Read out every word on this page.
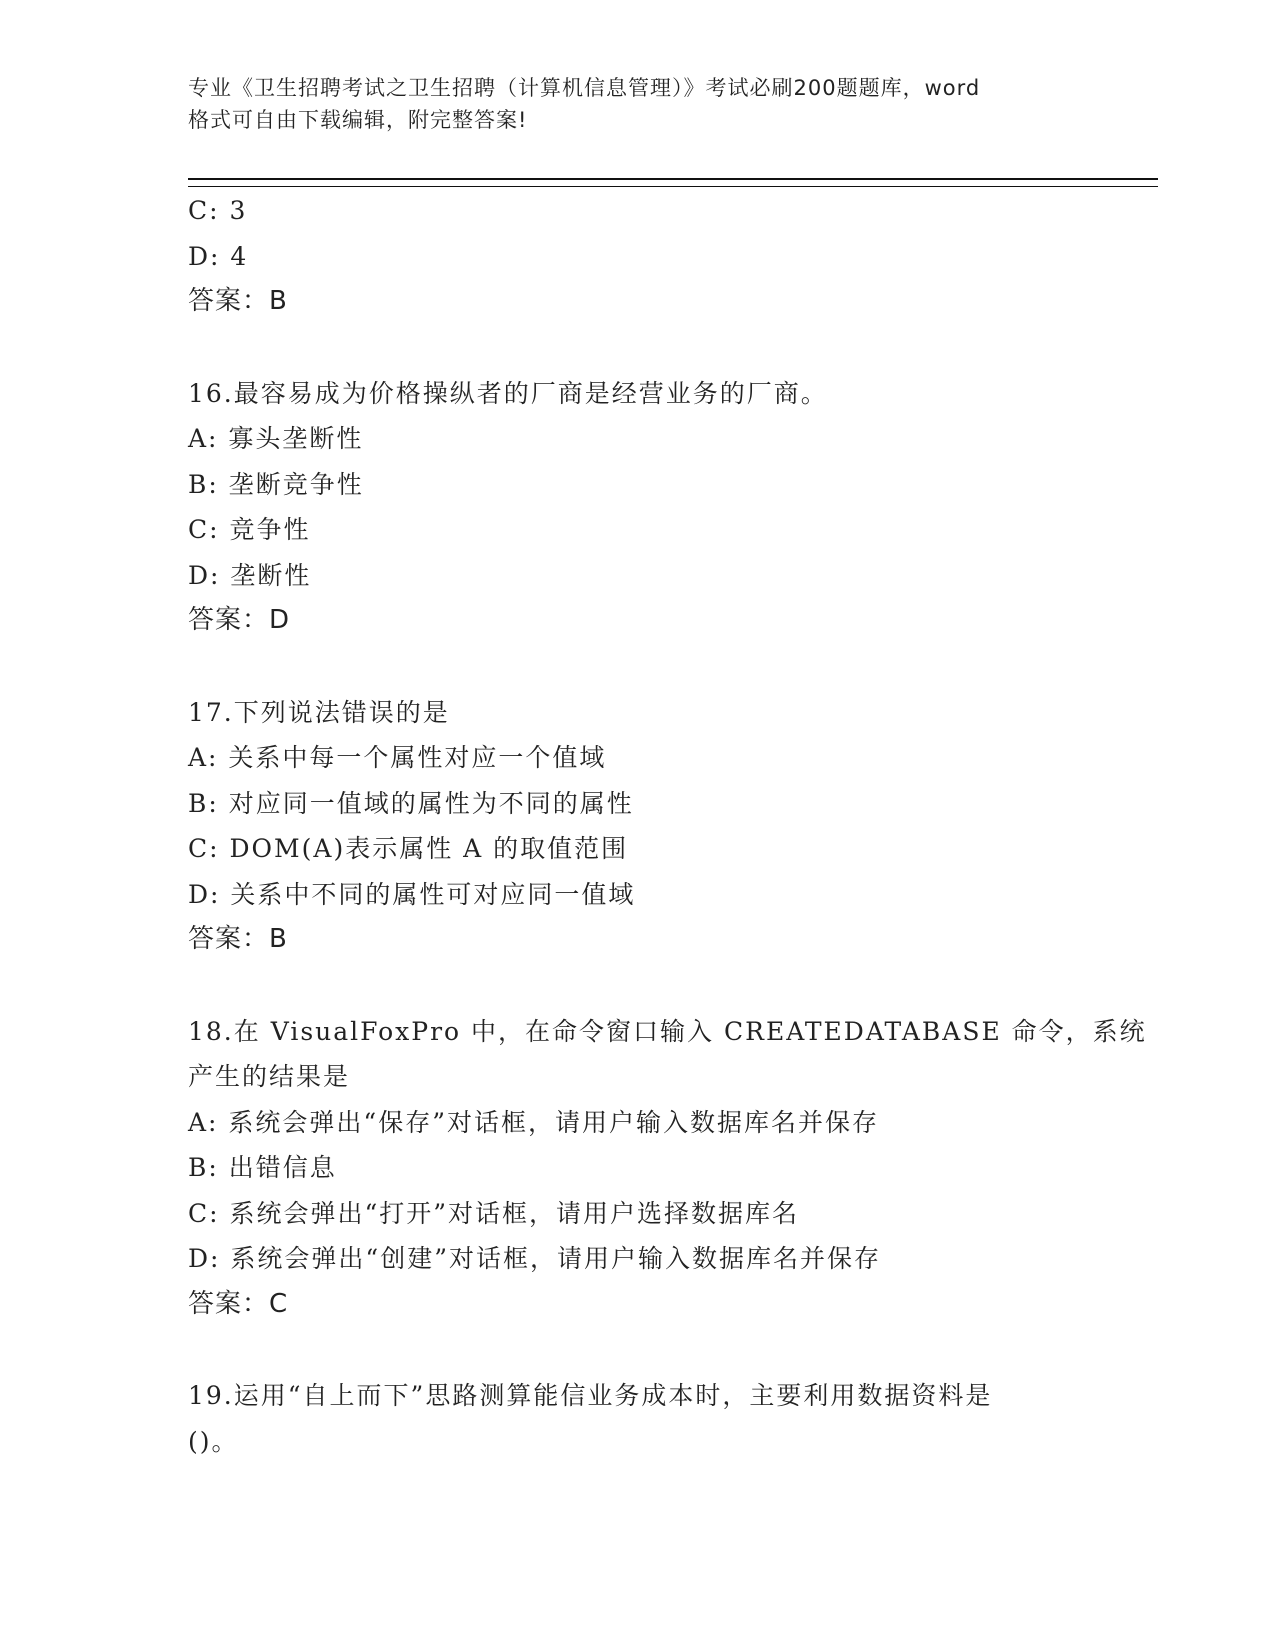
专业《卫生招聘考试之卫生招聘（计算机信息管理）》考试必刷200题题库，word
格式可自由下载编辑，附完整答案!
C: 3
D: 4
答案：B
16.最容易成为价格操纵者的厂商是经营业务的厂商。
A: 寡头垄断性
B: 垄断竞争性
C: 竞争性
D: 垄断性
答案：D
17.下列说法错误的是
A: 关系中每一个属性对应一个值域
B: 对应同一值域的属性为不同的属性
C: DOM(A)表示属性 A 的取值范围
D: 关系中不同的属性可对应同一值域
答案：B
18.在 VisualFoxPro 中，在命令窗口输入 CREATEDATABASE 命令，系统
产生的结果是
A: 系统会弹出“保存”对话框，请用户输入数据库名并保存
B: 出错信息
C: 系统会弹出“打开”对话框，请用户选择数据库名
D: 系统会弹出“创建”对话框，请用户输入数据库名并保存
答案：C
19.运用“自上而下”思路测算能信业务成本时，主要利用数据资料是
()。
